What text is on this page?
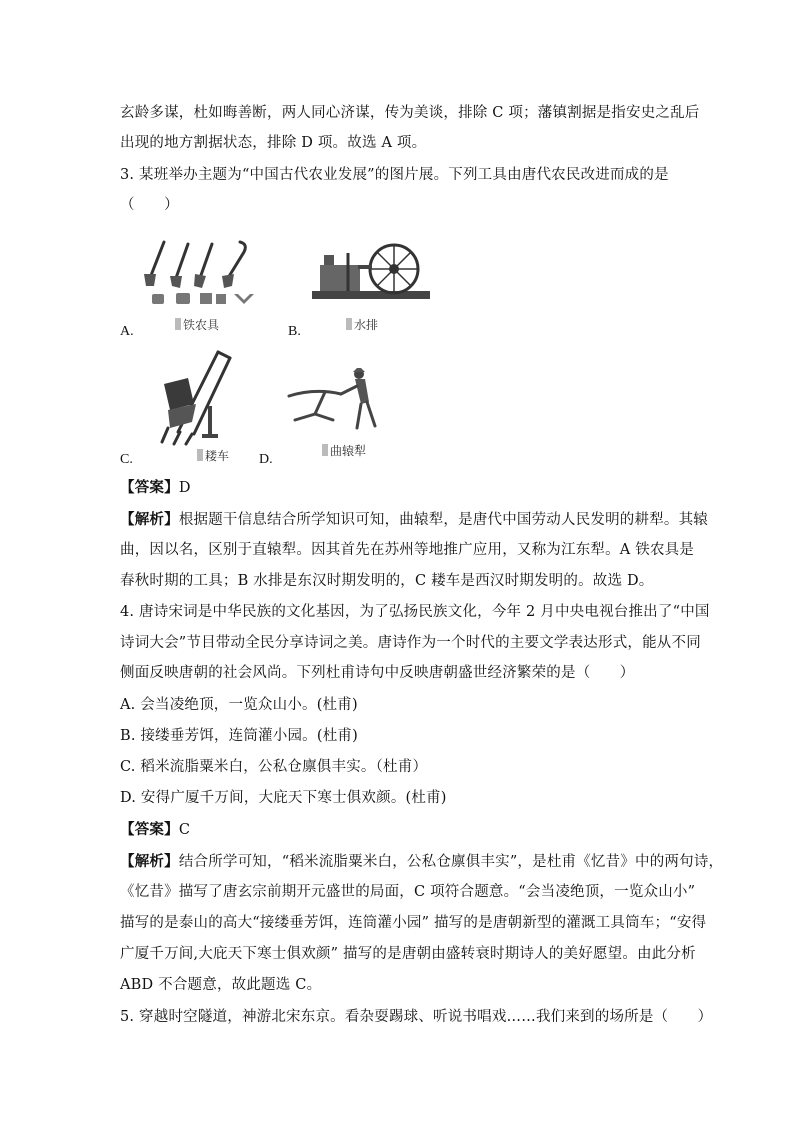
玄龄多谋，杜如晦善断，两人同心济谋，传为美谈，排除 C 项；藩镇割据是指安史之乱后
出现的地方割据状态，排除 D 项。故选 A 项。
3. 某班举办主题为“中国古代农业发展”的图片展。下列工具由唐代农民改进而成的是
（　　）
铁农具
A.	水排
B.
耧车
C.
曲辕犁
D.
【答案】D
【解析】根据题干信息结合所学知识可知，曲辕犁，是唐代中国劳动人民发明的耕犁。其辕
曲，因以名，区别于直辕犁。因其首先在苏州等地推广应用，又称为江东犁。A 铁农具是
春秋时期的工具；B 水排是东汉时期发明的，C 耧车是西汉时期发明的。故选 D。
4. 唐诗宋词是中华民族的文化基因，为了弘扬民族文化，今年 2 月中央电视台推出了“中国
诗词大会”节目带动全民分享诗词之美。唐诗作为一个时代的主要文学表达形式，能从不同
侧面反映唐朝的社会风尚。下列杜甫诗句中反映唐朝盛世经济繁荣的是（　　）
A. 会当凌绝顶，一览众山小。(杜甫)
B. 接缕垂芳饵，连筒灌小园。(杜甫)
C. 稻米流脂粟米白，公私仓廪俱丰实。（杜甫）
D. 安得广厦千万间，大庇天下寒士俱欢颜。(杜甫)
【答案】C
【解析】结合所学可知，“稻米流脂粟米白，公私仓廪俱丰实”，是杜甫《忆昔》中的两句诗，
《忆昔》描写了唐玄宗前期开元盛世的局面，C 项符合题意。“会当凌绝顶，一览众山小”
描写的是泰山的高大“接缕垂芳饵，连筒灌小园” 描写的是唐朝新型的灌溉工具筒车；“安得
广厦千万间,大庇天下寒士俱欢颜” 描写的是唐朝由盛转衰时期诗人的美好愿望。由此分析
ABD 不合题意，故此题选 C。
5. 穿越时空隧道，神游北宋东京。看杂耍踢球、听说书唱戏……我们来到的场所是（　　）
